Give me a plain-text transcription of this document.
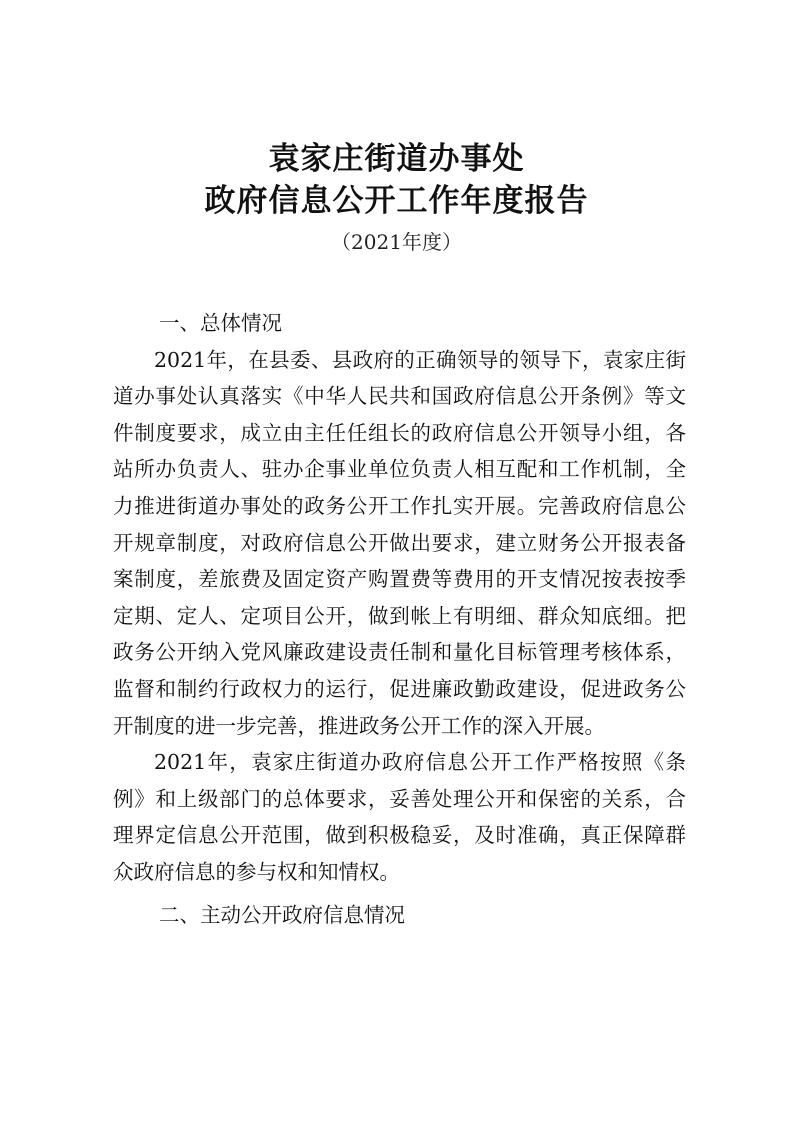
袁家庄街道办事处
政府信息公开工作年度报告
（2021年度）

一、总体情况

2021年，在县委、县政府的正确领导的领导下，袁家庄街道办事处认真落实《中华人民共和国政府信息公开条例》等文件制度要求，成立由主任任组长的政府信息公开领导小组，各站所办负责人、驻办企事业单位负责人相互配和工作机制，全力推进街道办事处的政务公开工作扎实开展。完善政府信息公开规章制度，对政府信息公开做出要求，建立财务公开报表备案制度，差旅费及固定资产购置费等费用的开支情况按表按季定期、定人、定项目公开，做到帐上有明细、群众知底细。把政务公开纳入党风廉政建设责任制和量化目标管理考核体系，监督和制约行政权力的运行，促进廉政勤政建设，促进政务公开制度的进一步完善，推进政务公开工作的深入开展。

2021年，袁家庄街道办政府信息公开工作严格按照《条例》和上级部门的总体要求，妥善处理公开和保密的关系，合理界定信息公开范围，做到积极稳妥，及时准确，真正保障群众政府信息的参与权和知情权。

二、主动公开政府信息情况
